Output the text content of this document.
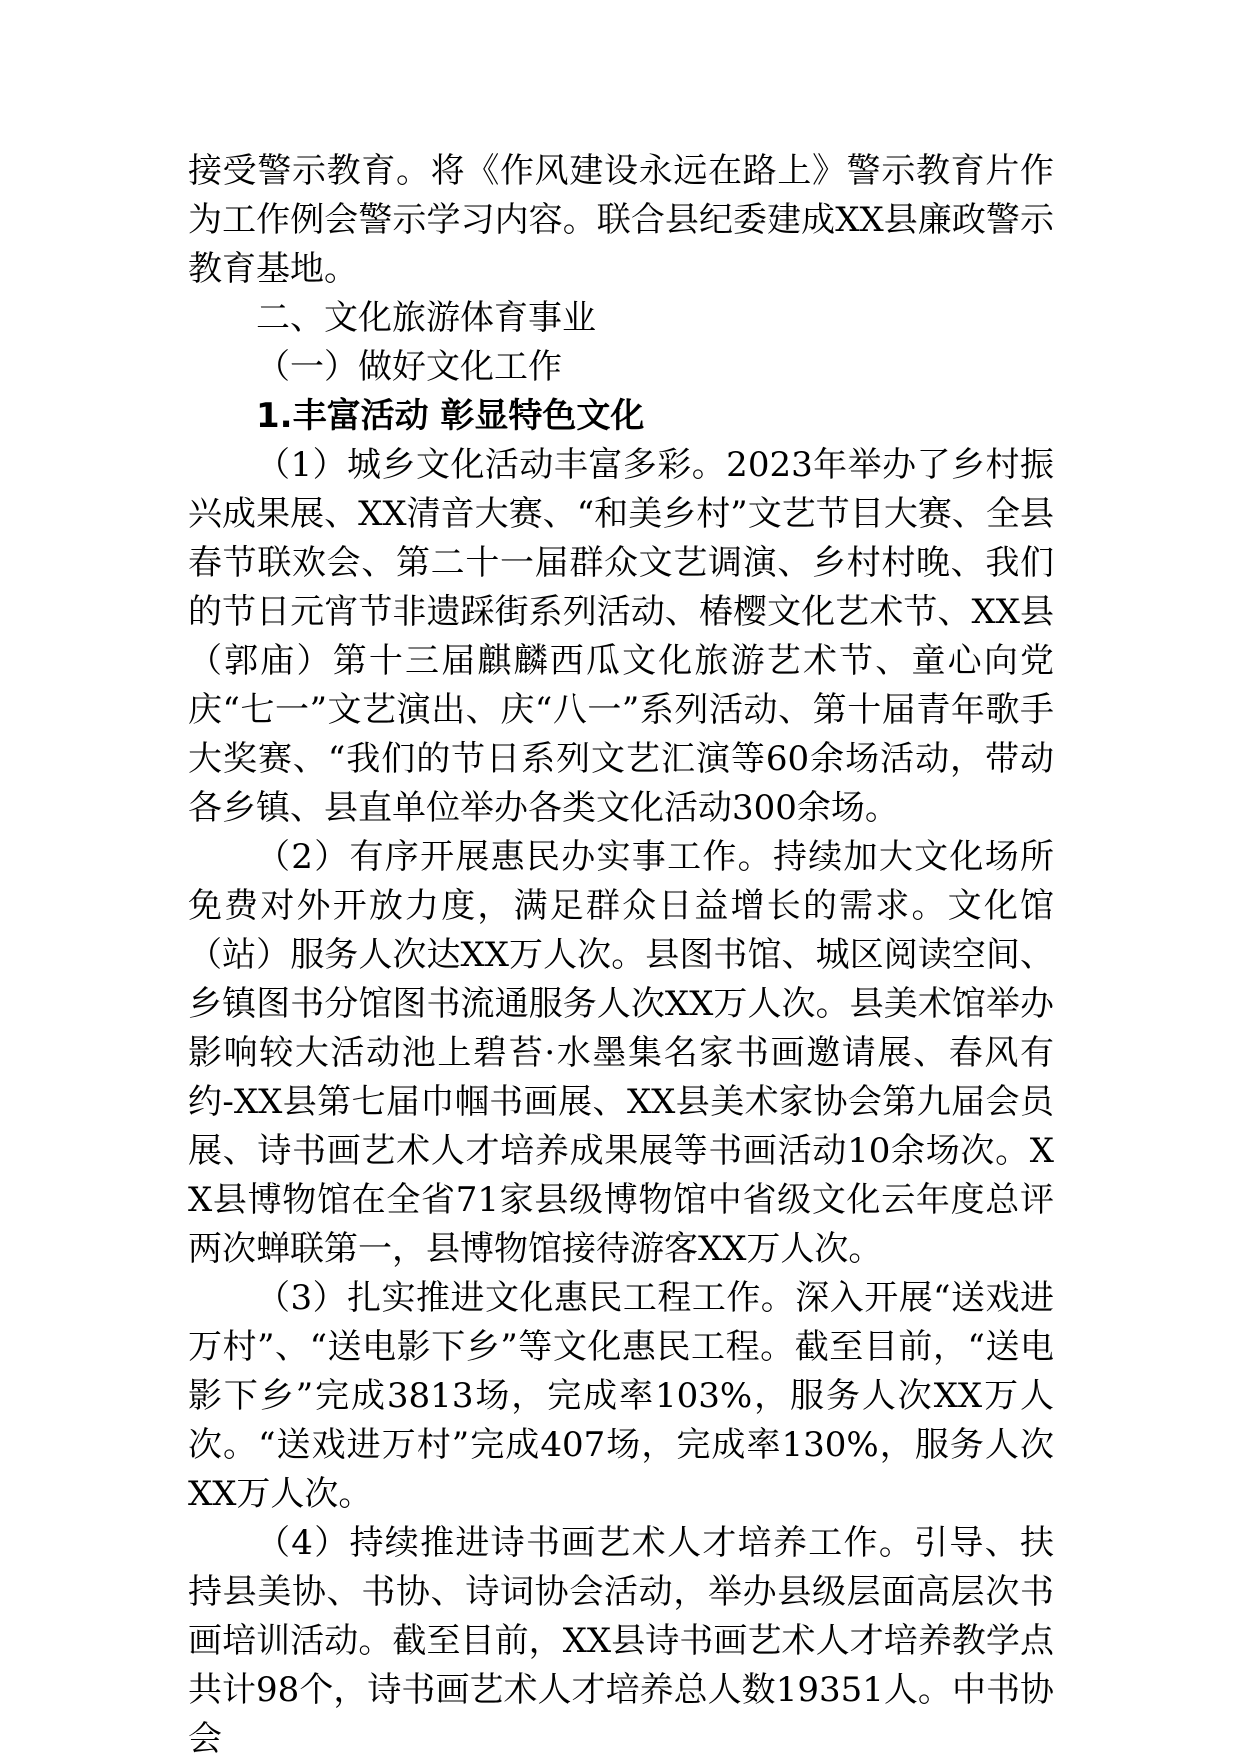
接受警示教育。将《作风建设永远在路上》警示教育片作为工作例会警示学习内容。联合县纪委建成XX县廉政警示教育基地。

二、文化旅游体育事业

（一）做好文化工作

1.丰富活动 彰显特色文化

（1）城乡文化活动丰富多彩。2023年举办了乡村振兴成果展、XX清音大赛、“和美乡村”文艺节目大赛、全县春节联欢会、第二十一届群众文艺调演、乡村村晚、我们的节日元宵节非遗踩街系列活动、椿樱文化艺术节、XX县（郭庙）第十三届麒麟西瓜文化旅游艺术节、童心向党庆“七一”文艺演出、庆“八一”系列活动、第十届青年歌手大奖赛、“我们的节日系列文艺汇演等60余场活动，带动各乡镇、县直单位举办各类文化活动300余场。

（2）有序开展惠民办实事工作。持续加大文化场所免费对外开放力度，满足群众日益增长的需求。文化馆（站）服务人次达XX万人次。县图书馆、城区阅读空间、乡镇图书分馆图书流通服务人次XX万人次。县美术馆举办影响较大活动池上碧苔·水墨集名家书画邀请展、春风有约-XX县第七届巾帼书画展、XX县美术家协会第九届会员展、诗书画艺术人才培养成果展等书画活动10余场次。XX县博物馆在全省71家县级博物馆中省级文化云年度总评两次蝉联第一，县博物馆接待游客XX万人次。

（3）扎实推进文化惠民工程工作。深入开展“送戏进万村”、“送电影下乡”等文化惠民工程。截至目前，“送电影下乡”完成3813场，完成率103%，服务人次XX万人次。“送戏进万村”完成407场，完成率130%，服务人次XX万人次。

（4）持续推进诗书画艺术人才培养工作。引导、扶持县美协、书协、诗词协会活动，举办县级层面高层次书画培训活动。截至目前，XX县诗书画艺术人才培养教学点共计98个，诗书画艺术人才培养总人数19351人。中书协会
